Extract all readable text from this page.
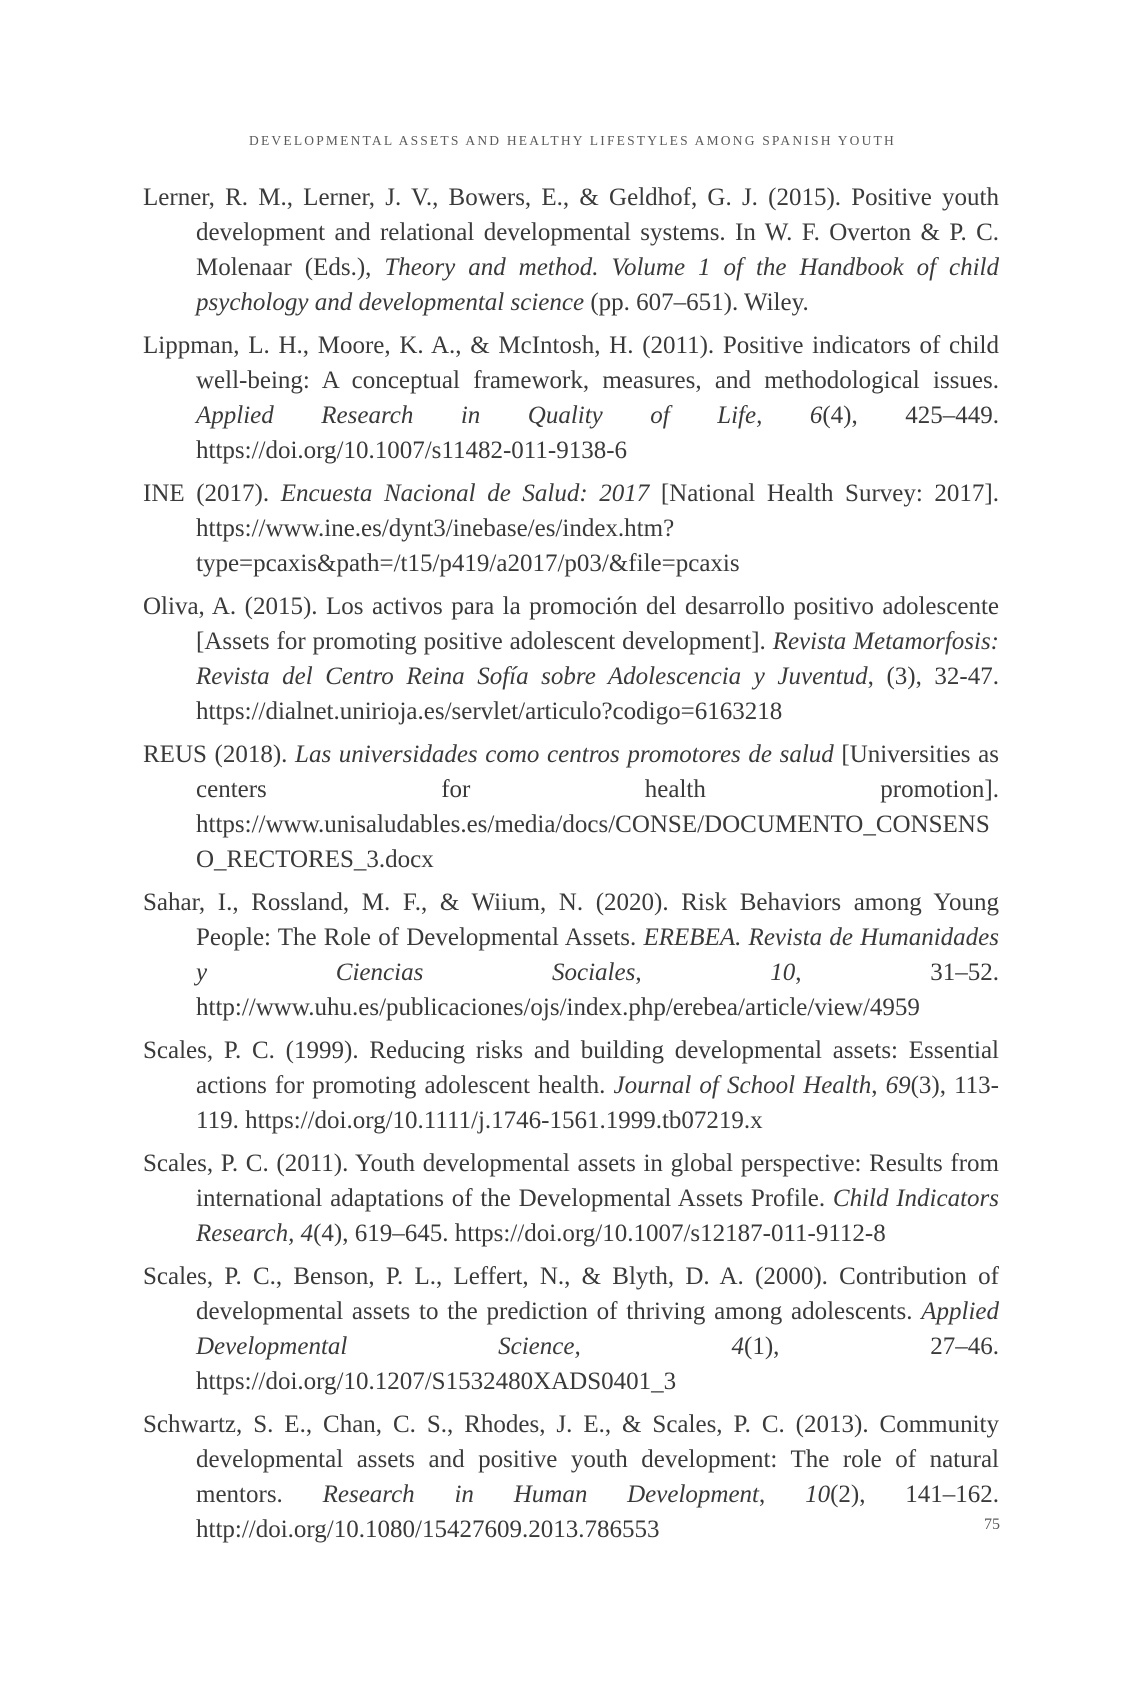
DEVELOPMENTAL ASSETS AND HEALTHY LIFESTYLES AMONG SPANISH YOUTH

Lerner, R. M., Lerner, J. V., Bowers, E., & Geldhof, G. J. (2015). Positive youth development and relational developmental systems. In W. F. Overton & P. C. Molenaar (Eds.), Theory and method. Volume 1 of the Handbook of child psychology and developmental science (pp. 607–651). Wiley.

Lippman, L. H., Moore, K. A., & McIntosh, H. (2011). Positive indicators of child well-being: A conceptual framework, measures, and methodological issues. Applied Research in Quality of Life, 6(4), 425–449. https://doi.org/10.1007/s11482-011-9138-6

INE (2017). Encuesta Nacional de Salud: 2017 [National Health Survey: 2017]. https://www.ine.es/dynt3/inebase/es/index.htm?type=pcaxis&path=/t15/p419/a2017/p03/&file=pcaxis

Oliva, A. (2015). Los activos para la promoción del desarrollo positivo adolescente [Assets for promoting positive adolescent development]. Revista Metamorfosis: Revista del Centro Reina Sofía sobre Adolescencia y Juventud, (3), 32-47. https://dialnet.unirioja.es/servlet/articulo?codigo=6163218

REUS (2018). Las universidades como centros promotores de salud [Universities as centers for health promotion]. https://www.unisaludables.es/media/docs/CONSE/DOCUMENTO_CONSENSO_RECTORES_3.docx

Sahar, I., Rossland, M. F., & Wiium, N. (2020). Risk Behaviors among Young People: The Role of Developmental Assets. EREBEA. Revista de Humanidades y Ciencias Sociales, 10, 31–52. http://www.uhu.es/publicaciones/ojs/index.php/erebea/article/view/4959

Scales, P. C. (1999). Reducing risks and building developmental assets: Essential actions for promoting adolescent health. Journal of School Health, 69(3), 113-119. https://doi.org/10.1111/j.1746-1561.1999.tb07219.x

Scales, P. C. (2011). Youth developmental assets in global perspective: Results from international adaptations of the Developmental Assets Profile. Child Indicators Research, 4(4), 619–645. https://doi.org/10.1007/s12187-011-9112-8

Scales, P. C., Benson, P. L., Leffert, N., & Blyth, D. A. (2000). Contribution of developmental assets to the prediction of thriving among adolescents. Applied Developmental Science, 4(1), 27–46. https://doi.org/10.1207/S1532480XADS0401_3

Schwartz, S. E., Chan, C. S., Rhodes, J. E., & Scales, P. C. (2013). Community developmental assets and positive youth development: The role of natural mentors. Research in Human Development, 10(2), 141–162. http://doi.org/10.1080/15427609.2013.786553	75
